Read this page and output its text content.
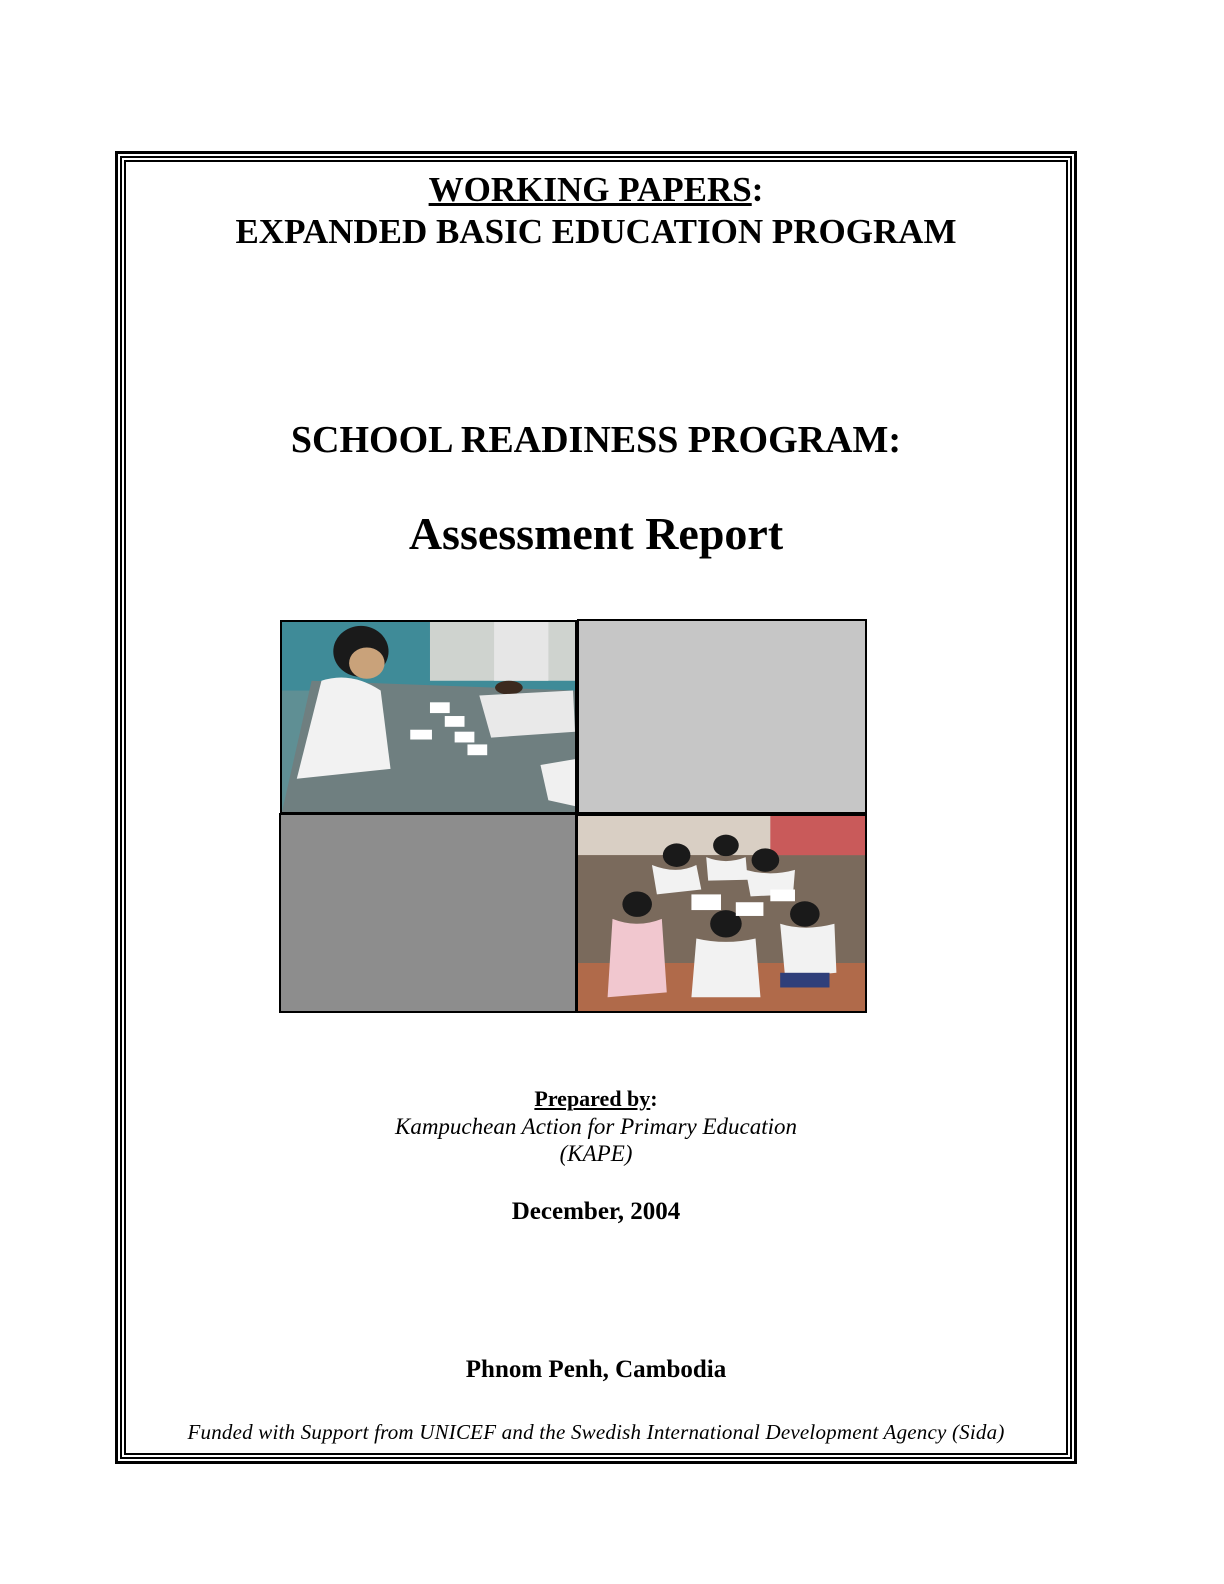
WORKING PAPERS:
EXPANDED BASIC EDUCATION PROGRAM
SCHOOL READINESS PROGRAM:
Assessment Report
Prepared by:
Kampuchean Action for Primary Education
(KAPE)
December, 2004
Phnom Penh, Cambodia
Funded with Support from UNICEF and the Swedish International Development Agency (Sida)
